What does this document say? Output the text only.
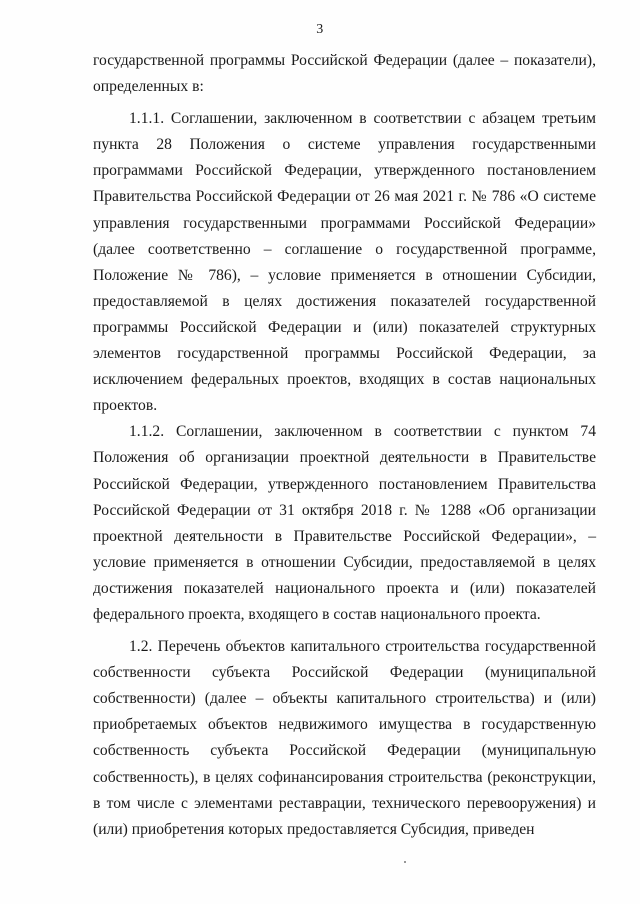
3

государственной программы Российской Федерации (далее – показатели), определенных в:

1.1.1. Соглашении, заключенном в соответствии с абзацем третьим пункта 28 Положения о системе управления государственными программами Российской Федерации, утвержденного постановлением Правительства Российской Федерации от 26 мая 2021 г. № 786 «О системе управления государственными программами Российской Федерации» (далее соответственно – соглашение о государственной программе, Положение № 786), – условие применяется в отношении Субсидии, предоставляемой в целях достижения показателей государственной программы Российской Федерации и (или) показателей структурных элементов государственной программы Российской Федерации, за исключением федеральных проектов, входящих в состав национальных проектов.

1.1.2. Соглашении, заключенном в соответствии с пунктом 74 Положения об организации проектной деятельности в Правительстве Российской Федерации, утвержденного постановлением Правительства Российской Федерации от 31 октября 2018 г. № 1288 «Об организации проектной деятельности в Правительстве Российской Федерации», – условие применяется в отношении Субсидии, предоставляемой в целях достижения показателей национального проекта и (или) показателей федерального проекта, входящего в состав национального проекта.

1.2. Перечень объектов капитального строительства государственной собственности субъекта Российской Федерации (муниципальной собственности) (далее – объекты капитального строительства) и (или) приобретаемых объектов недвижимого имущества в государственную собственность субъекта Российской Федерации (муниципальную собственность), в целях софинансирования строительства (реконструкции, в том числе с элементами реставрации, технического перевооружения) и (или) приобретения которых предоставляется Субсидия, приведен
